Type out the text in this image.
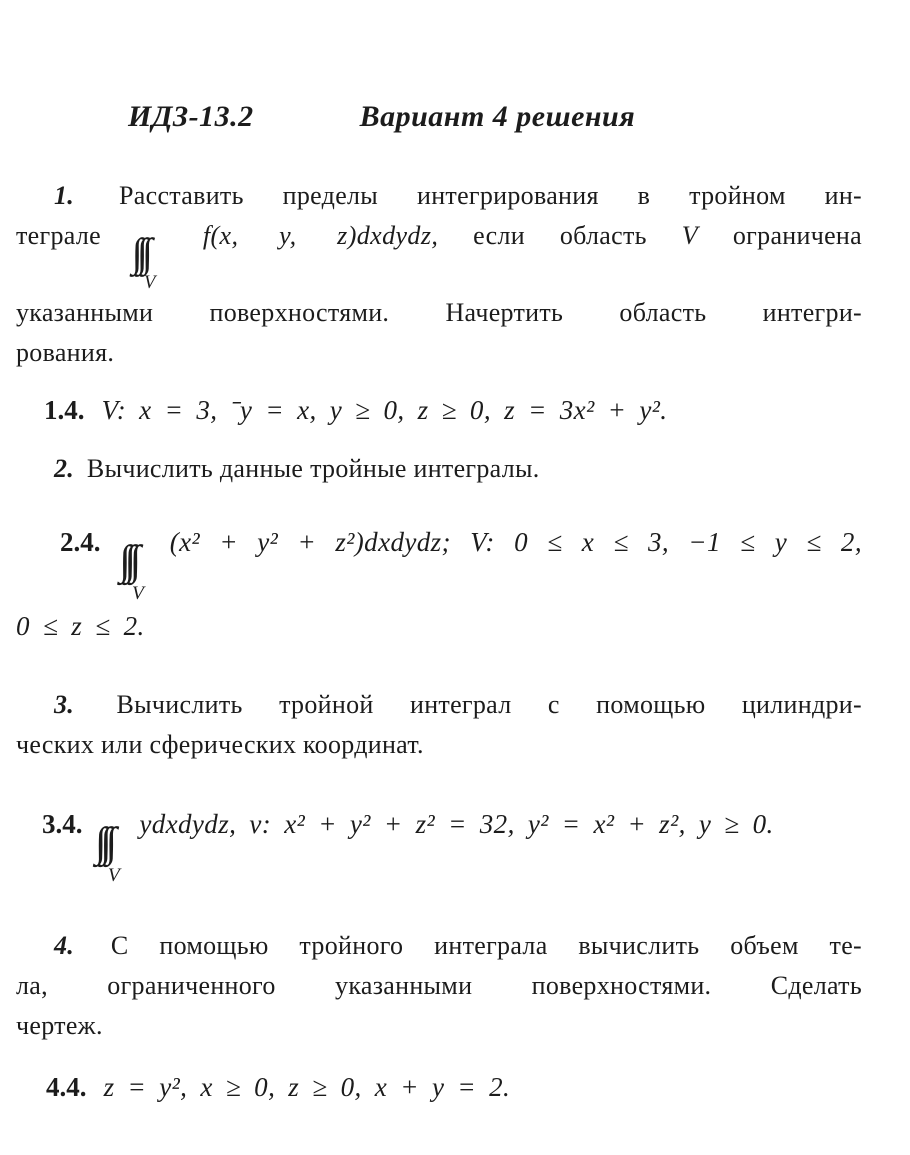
ИДЗ-13.2	Вариант 4 решения
1. Расставить пределы интегрирования в тройном ин-
теграле
V
f(x, y, z)dxdydz, если область V ограничена
указанными поверхностями. Начертить область интегри-
рования.
1.4. V: x = 3, ˉy = x, y ≥ 0, z ≥ 0, z = 3x² + y².
2. Вычислить данные тройные интегралы.
2.4.
V
(x² + y² + z²)dxdydz; V: 0 ≤ x ≤ 3, −1 ≤ y ≤ 2,
0 ≤ z ≤ 2.
3. Вычислить тройной интеграл с помощью цилиндри-
ческих или сферических координат.
3.4.
V
ydxdydz, v: x² + y² + z² = 32, y² = x² + z², y ≥ 0.
4. С помощью тройного интеграла вычислить объем те-
ла, ограниченного указанными поверхностями. Сделать
чертеж.
4.4. z = y², x ≥ 0, z ≥ 0, x + y = 2.
